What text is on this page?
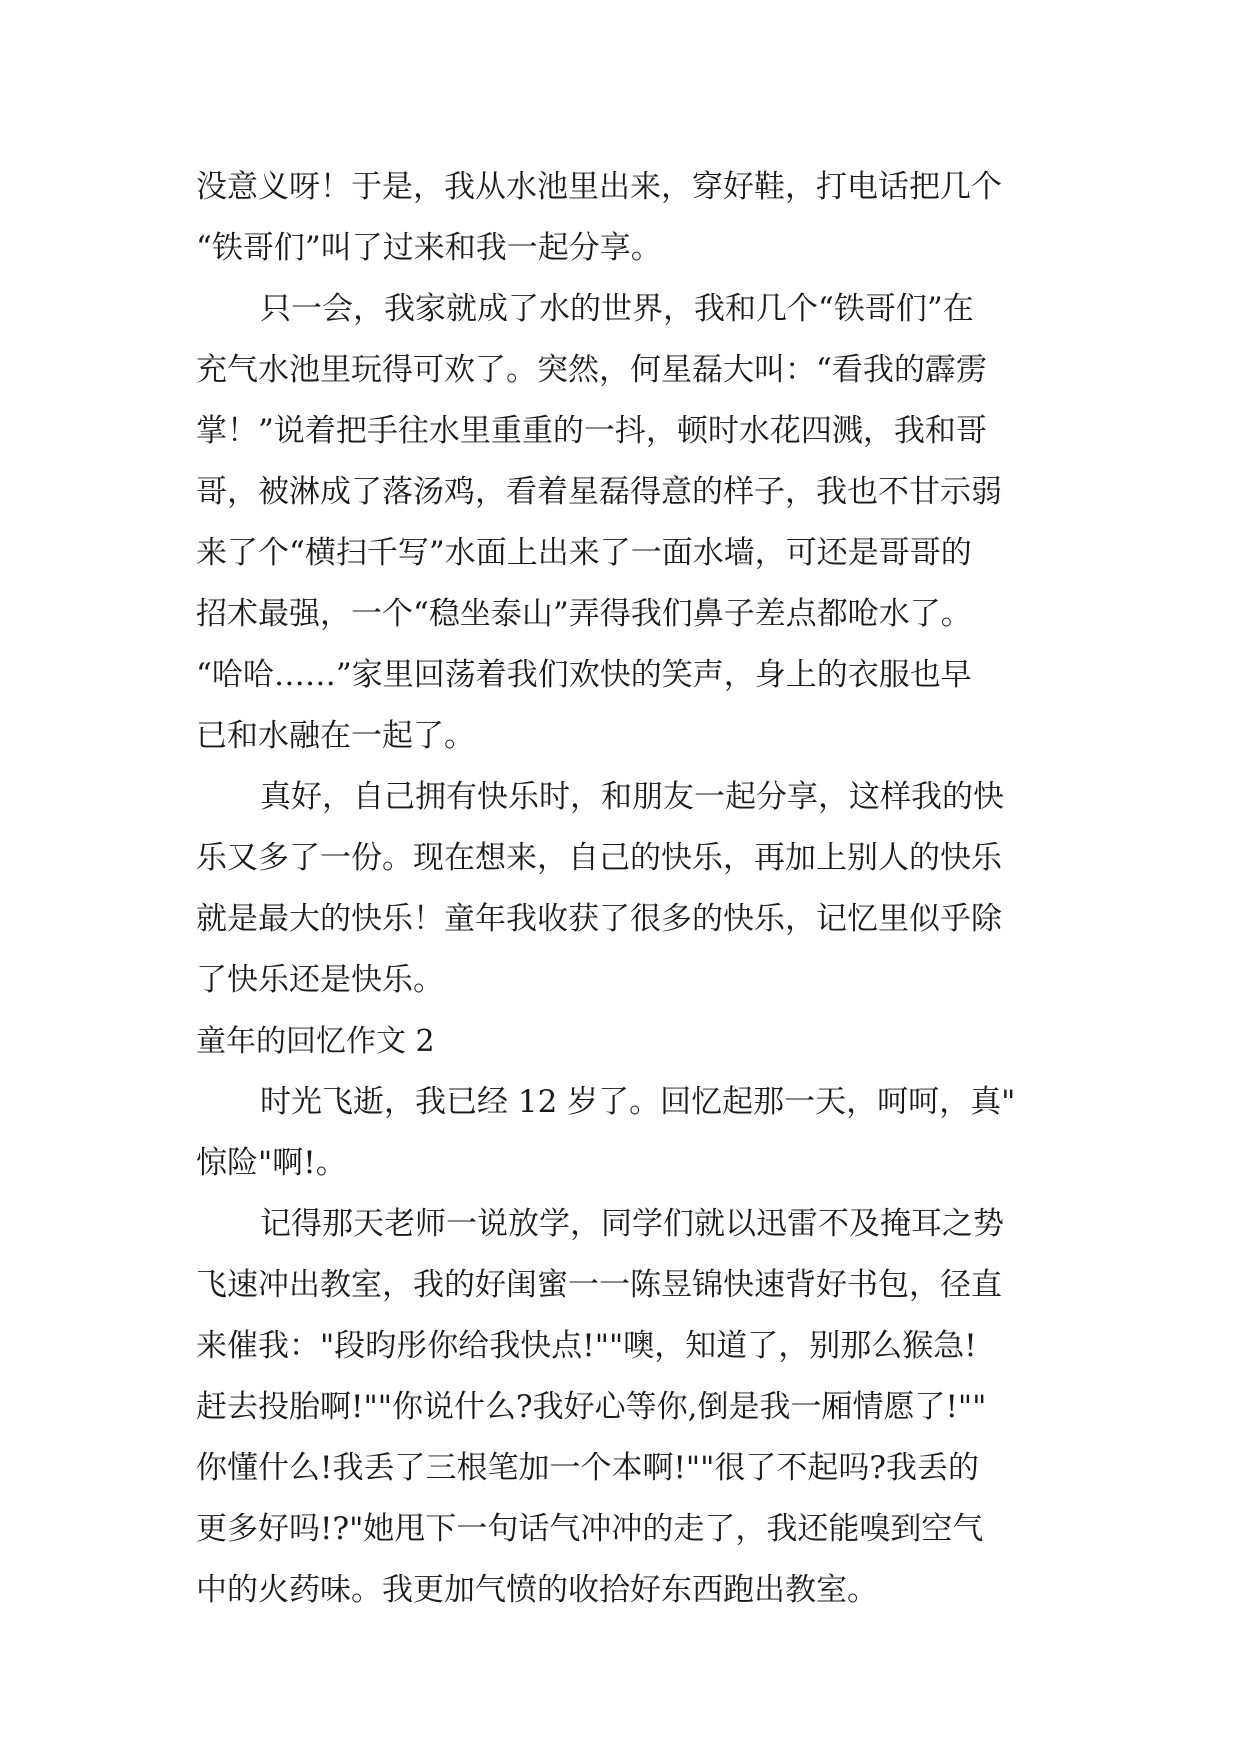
没意义呀！于是，我从水池里出来，穿好鞋，打电话把几个
“铁哥们”叫了过来和我一起分享。
只一会，我家就成了水的世界，我和几个“铁哥们”在
充气水池里玩得可欢了。突然，何星磊大叫：“看我的霹雳
掌！”说着把手往水里重重的一抖，顿时水花四溅，我和哥
哥，被淋成了落汤鸡，看着星磊得意的样子，我也不甘示弱
来了个“横扫千写”水面上出来了一面水墙，可还是哥哥的
招术最强，一个“稳坐泰山”弄得我们鼻子差点都呛水了。
“哈哈……”家里回荡着我们欢快的笑声，身上的衣服也早
已和水融在一起了。
真好，自己拥有快乐时，和朋友一起分享，这样我的快
乐又多了一份。现在想来，自己的快乐，再加上别人的快乐
就是最大的快乐！童年我收获了很多的快乐，记忆里似乎除
了快乐还是快乐。
童年的回忆作文 2
时光飞逝，我已经 12 岁了。回忆起那一天，呵呵，真"
惊险"啊!。
记得那天老师一说放学，同学们就以迅雷不及掩耳之势
飞速冲出教室，我的好闺蜜一一陈昱锦快速背好书包，径直
来催我："段昀彤你给我快点!""噢，知道了，别那么猴急!
赶去投胎啊!""你说什么?我好心等你,倒是我一厢情愿了!""
你懂什么!我丢了三根笔加一个本啊!""很了不起吗?我丢的
更多好吗!?"她甩下一句话气冲冲的走了，我还能嗅到空气
中的火药味。我更加气愤的收拾好东西跑出教室。
